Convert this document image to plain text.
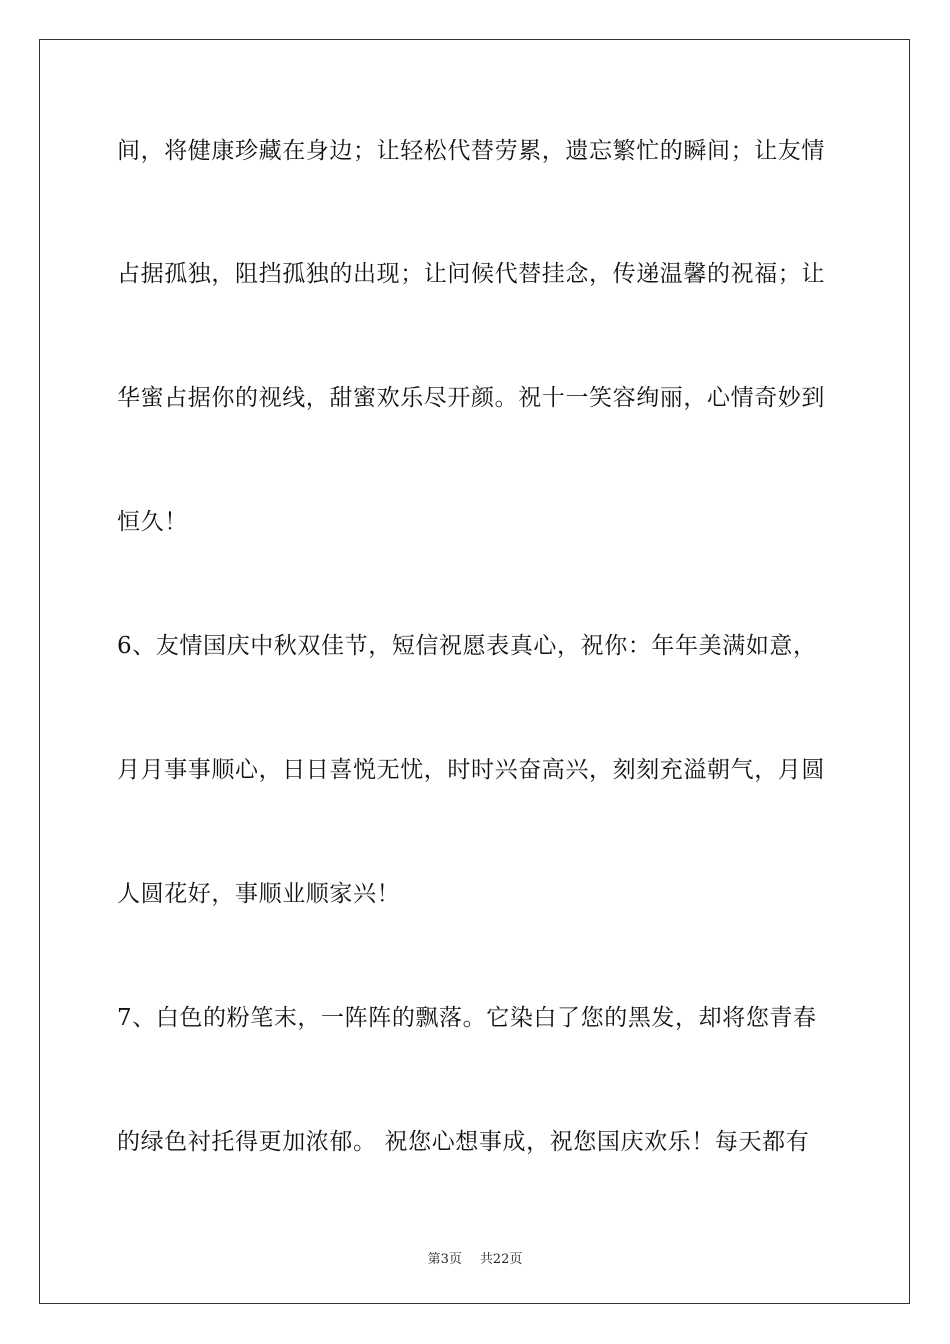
间，将健康珍藏在身边；让轻松代替劳累，遗忘繁忙的瞬间；让友情
占据孤独，阻挡孤独的出现；让问候代替挂念，传递温馨的祝福；让
华蜜占据你的视线，甜蜜欢乐尽开颜。祝十一笑容绚丽，心情奇妙到
恒久！
6、友情国庆中秋双佳节，短信祝愿表真心，祝你：年年美满如意，
月月事事顺心，日日喜悦无忧，时时兴奋高兴，刻刻充溢朝气，月圆
人圆花好，事顺业顺家兴！
7、白色的粉笔末，一阵阵的飘落。它染白了您的黑发，却将您青春
的绿色衬托得更加浓郁。 祝您心想事成，祝您国庆欢乐！每天都有
第3页 共22页
